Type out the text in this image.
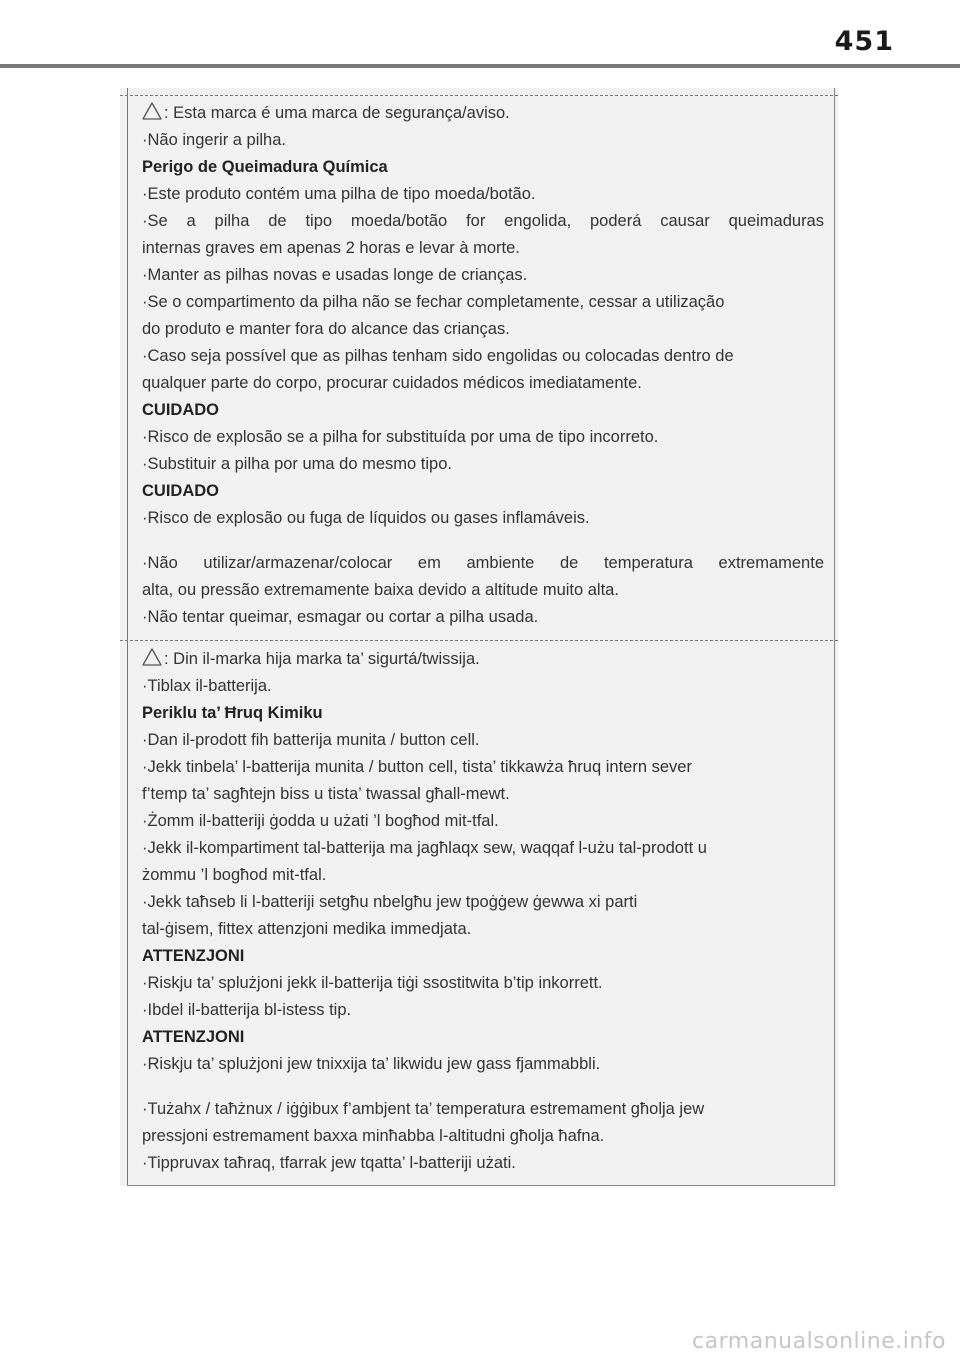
451
: Esta marca é uma marca de segurança/aviso.
·Não ingerir a pilha.
Perigo de Queimadura Química
·Este produto contém uma pilha de tipo moeda/botão.
·Se a pilha de tipo moeda/botão for engolida, poderá causar queimaduras
internas graves em apenas 2 horas e levar à morte.
·Manter as pilhas novas e usadas longe de crianças.
·Se o compartimento da pilha não se fechar completamente, cessar a utilização
do produto e manter fora do alcance das crianças.
·Caso seja possível que as pilhas tenham sido engolidas ou colocadas dentro de
qualquer parte do corpo, procurar cuidados médicos imediatamente.
CUIDADO
·Risco de explosão se a pilha for substituída por uma de tipo incorreto.
·Substituir a pilha por uma do mesmo tipo.
CUIDADO
·Risco de explosão ou fuga de líquidos ou gases inflamáveis.
·Não utilizar/armazenar/colocar em ambiente de temperatura extremamente
alta, ou pressão extremamente baixa devido a altitude muito alta.
·Não tentar queimar, esmagar ou cortar a pilha usada.
: Din il-marka hija marka ta’ sigurtá/twissija.
·Tiblax il-batterija.
Periklu ta’ Ħruq Kimiku
·Dan il-prodott fih batterija munita / button cell.
·Jekk tinbela’ l-batterija munita / button cell, tista’ tikkawża ħruq intern sever
f’temp ta’ sagħtejn biss u tista’ twassal għall-mewt.
·Żomm il-batteriji ġodda u użati ’l bogħod mit-tfal.
·Jekk il-kompartiment tal-batterija ma jagħlaqx sew, waqqaf l-użu tal-prodott u
żommu ’l bogħod mit-tfal.
·Jekk taħseb li l-batteriji setgħu nbelgħu jew tpoġġew ġewwa xi parti
tal-ġisem, fittex attenzjoni medika immedjata.
ATTENZJONI
·Riskju ta’ splużjoni jekk il-batterija tiġi ssostitwita b’tip inkorrett.
·Ibdel il-batterija bl-istess tip.
ATTENZJONI
·Riskju ta’ splużjoni jew tnixxija ta’ likwidu jew gass fjammabbli.
·Tużahx / taħżnux / iġġibux f’ambjent ta’ temperatura estremament għolja jew
pressjoni estremament baxxa minħabba l-altitudni għolja ħafna.
·Tippruvax taħraq, tfarrak jew tqatta’ l-batteriji użati.
carmanualsonline.info
